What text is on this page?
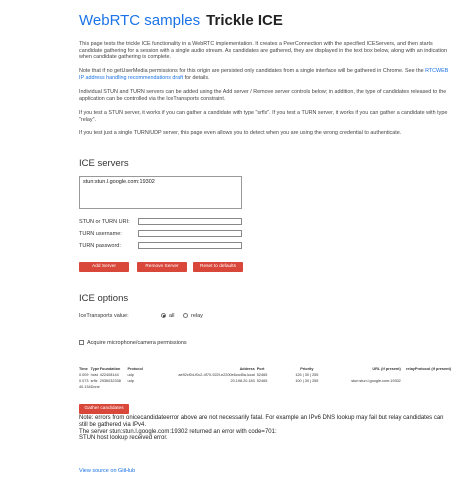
WebRTC samples Trickle ICE

This page tests the trickle ICE functionality in a WebRTC implementation. It creates a PeerConnection with the specified ICEServers, and then starts candidate gathering for a session with a single audio stream. As candidates are gathered, they are displayed in the text box below, along with an indication when candidate gathering is complete.

Note that if no getUserMedia permissions for this origin are persisted only candidates from a single interface will be gathered in Chrome. See the RTCWEB IP address handling recommendations draft for details.

Individual STUN and TURN servers can be added using the Add server / Remove server controls below; in addition, the type of candidates released to the application can be controlled via the IceTransports constraint.

If you test a STUN server, it works if you can gather a candidate with type "srflx". If you test a TURN server, it works if you can gather a candidate with type "relay".

If you test just a single TURN/UDP server, this page even allows you to detect when you are using the wrong credential to authenticate.

ICE servers
stun:stun.l.google.com:19302
STUN or TURN URI:
TURN username:
TURN password:
Add Server	Remove Server	Reset to defaults
ICE options
IceTransports value:	all	relay
Acquire microphone/camera permissions
Time	Type	Foundation	Protocol	Address	Port	Priority	URL (if present)	relayProtocol (if present)
0.009	host	422408144	udp	ae92cf04-f0c2-4f70-922f-e2200e6ccd5a.local	52465	126 | 30 | 255		
0.073	srflx	2936032338	udp	20.198.20.183	52465	100 | 30 | 255	stun:stun.l.google.com:19302	
40.134	Done							
Gather candidates
Note: errors from onicecandidateerror above are not necessarily fatal. For example an IPv6 DNS lookup may fail but relay candidates can still be gathered via IPv4.
The server stun:stun.l.google.com:19302 returned an error with code=701:
STUN host lookup received error.
View source on GitHub
